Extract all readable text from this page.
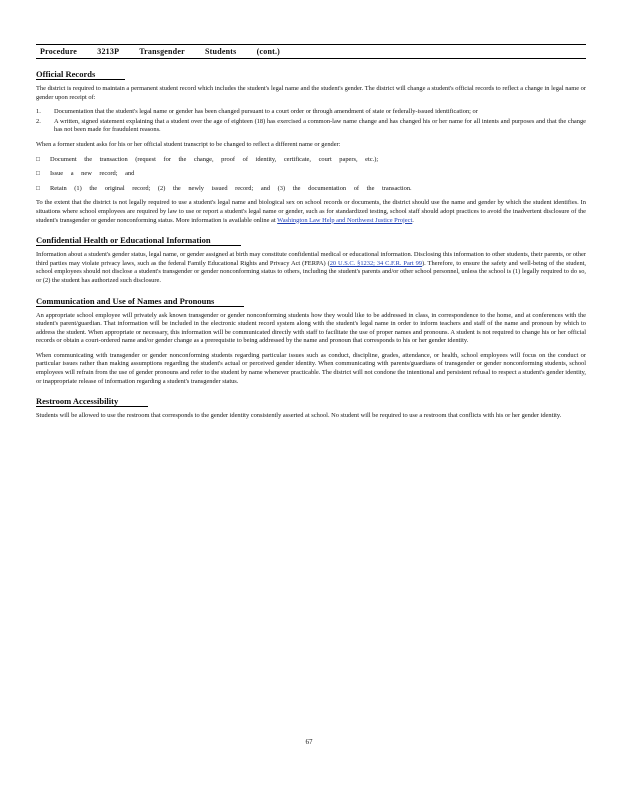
Procedure	3213P	Transgender	Students	(cont.)
Official Records

The district is required to maintain a permanent student record which includes the student's legal name and the student's gender. The district will change a student's official records to reflect a change in legal name or gender upon receipt of:

1.	Documentation that the student's legal name or gender has been changed pursuant to a court order or through amendment of state or federally-issued identification; or
2.	A written, signed statement explaining that a student over the age of eighteen (18) has exercised a common-law name change and has changed his or her name for all intents and purposes and that the change has not been made for fraudulent reasons.

When a former student asks for his or her official student transcript to be changed to reflect a different name or gender:

□	Document the transaction (request for the change, proof of identity, certificate, court papers, etc.);
□	Issue a new record; and
□	Retain (1) the original record; (2) the newly issued record; and (3) the documentation of the transaction.

To the extent that the district is not legally required to use a student's legal name and biological sex on school records or documents, the district should use the name and gender by which the student identifies. In situations where school employees are required by law to use or report a student's legal name or gender, such as for standardized testing, school staff should adopt practices to avoid the inadvertent disclosure of the student's transgender or gender nonconforming status. More information is available online at Washington Law Help and Northwest Justice Project.

Confidential Health or Educational Information

Information about a student's gender status, legal name, or gender assigned at birth may constitute confidential medical or educational information. Disclosing this information to other students, their parents, or other third parties may violate privacy laws, such as the federal Family Educational Rights and Privacy Act (FERPA) (20 U.S.C. §1232; 34 C.F.R. Part 99). Therefore, to ensure the safety and well-being of the student, school employees should not disclose a student's transgender or gender nonconforming status to others, including the student's parents and/or other school personnel, unless the school is (1) legally required to do so, or (2) the student has authorized such disclosure.

Communication and Use of Names and Pronouns

An appropriate school employee will privately ask known transgender or gender nonconforming students how they would like to be addressed in class, in correspondence to the home, and at conferences with the student's parent/guardian. That information will be included in the electronic student record system along with the student's legal name in order to inform teachers and staff of the name and pronoun by which to address the student. When appropriate or necessary, this information will be communicated directly with staff to facilitate the use of proper names and pronouns. A student is not required to change his or her official records or obtain a court-ordered name and/or gender change as a prerequisite to being addressed by the name and pronoun that corresponds to his or her gender identity.

When communicating with transgender or gender nonconforming students regarding particular issues such as conduct, discipline, grades, attendance, or health, school employees will focus on the conduct or particular issues rather than making assumptions regarding the student's actual or perceived gender identity. When communicating with parents/guardians of transgender or gender nonconforming students, school employees will refrain from the use of gender pronouns and refer to the student by name whenever practicable. The district will not condone the intentional and persistent refusal to respect a student's gender identity, or inappropriate release of information regarding a student's transgender status.

Restroom Accessibility

Students will be allowed to use the restroom that corresponds to the gender identity consistently asserted at school. No student will be required to use a restroom that conflicts with his or her gender identity.

67
